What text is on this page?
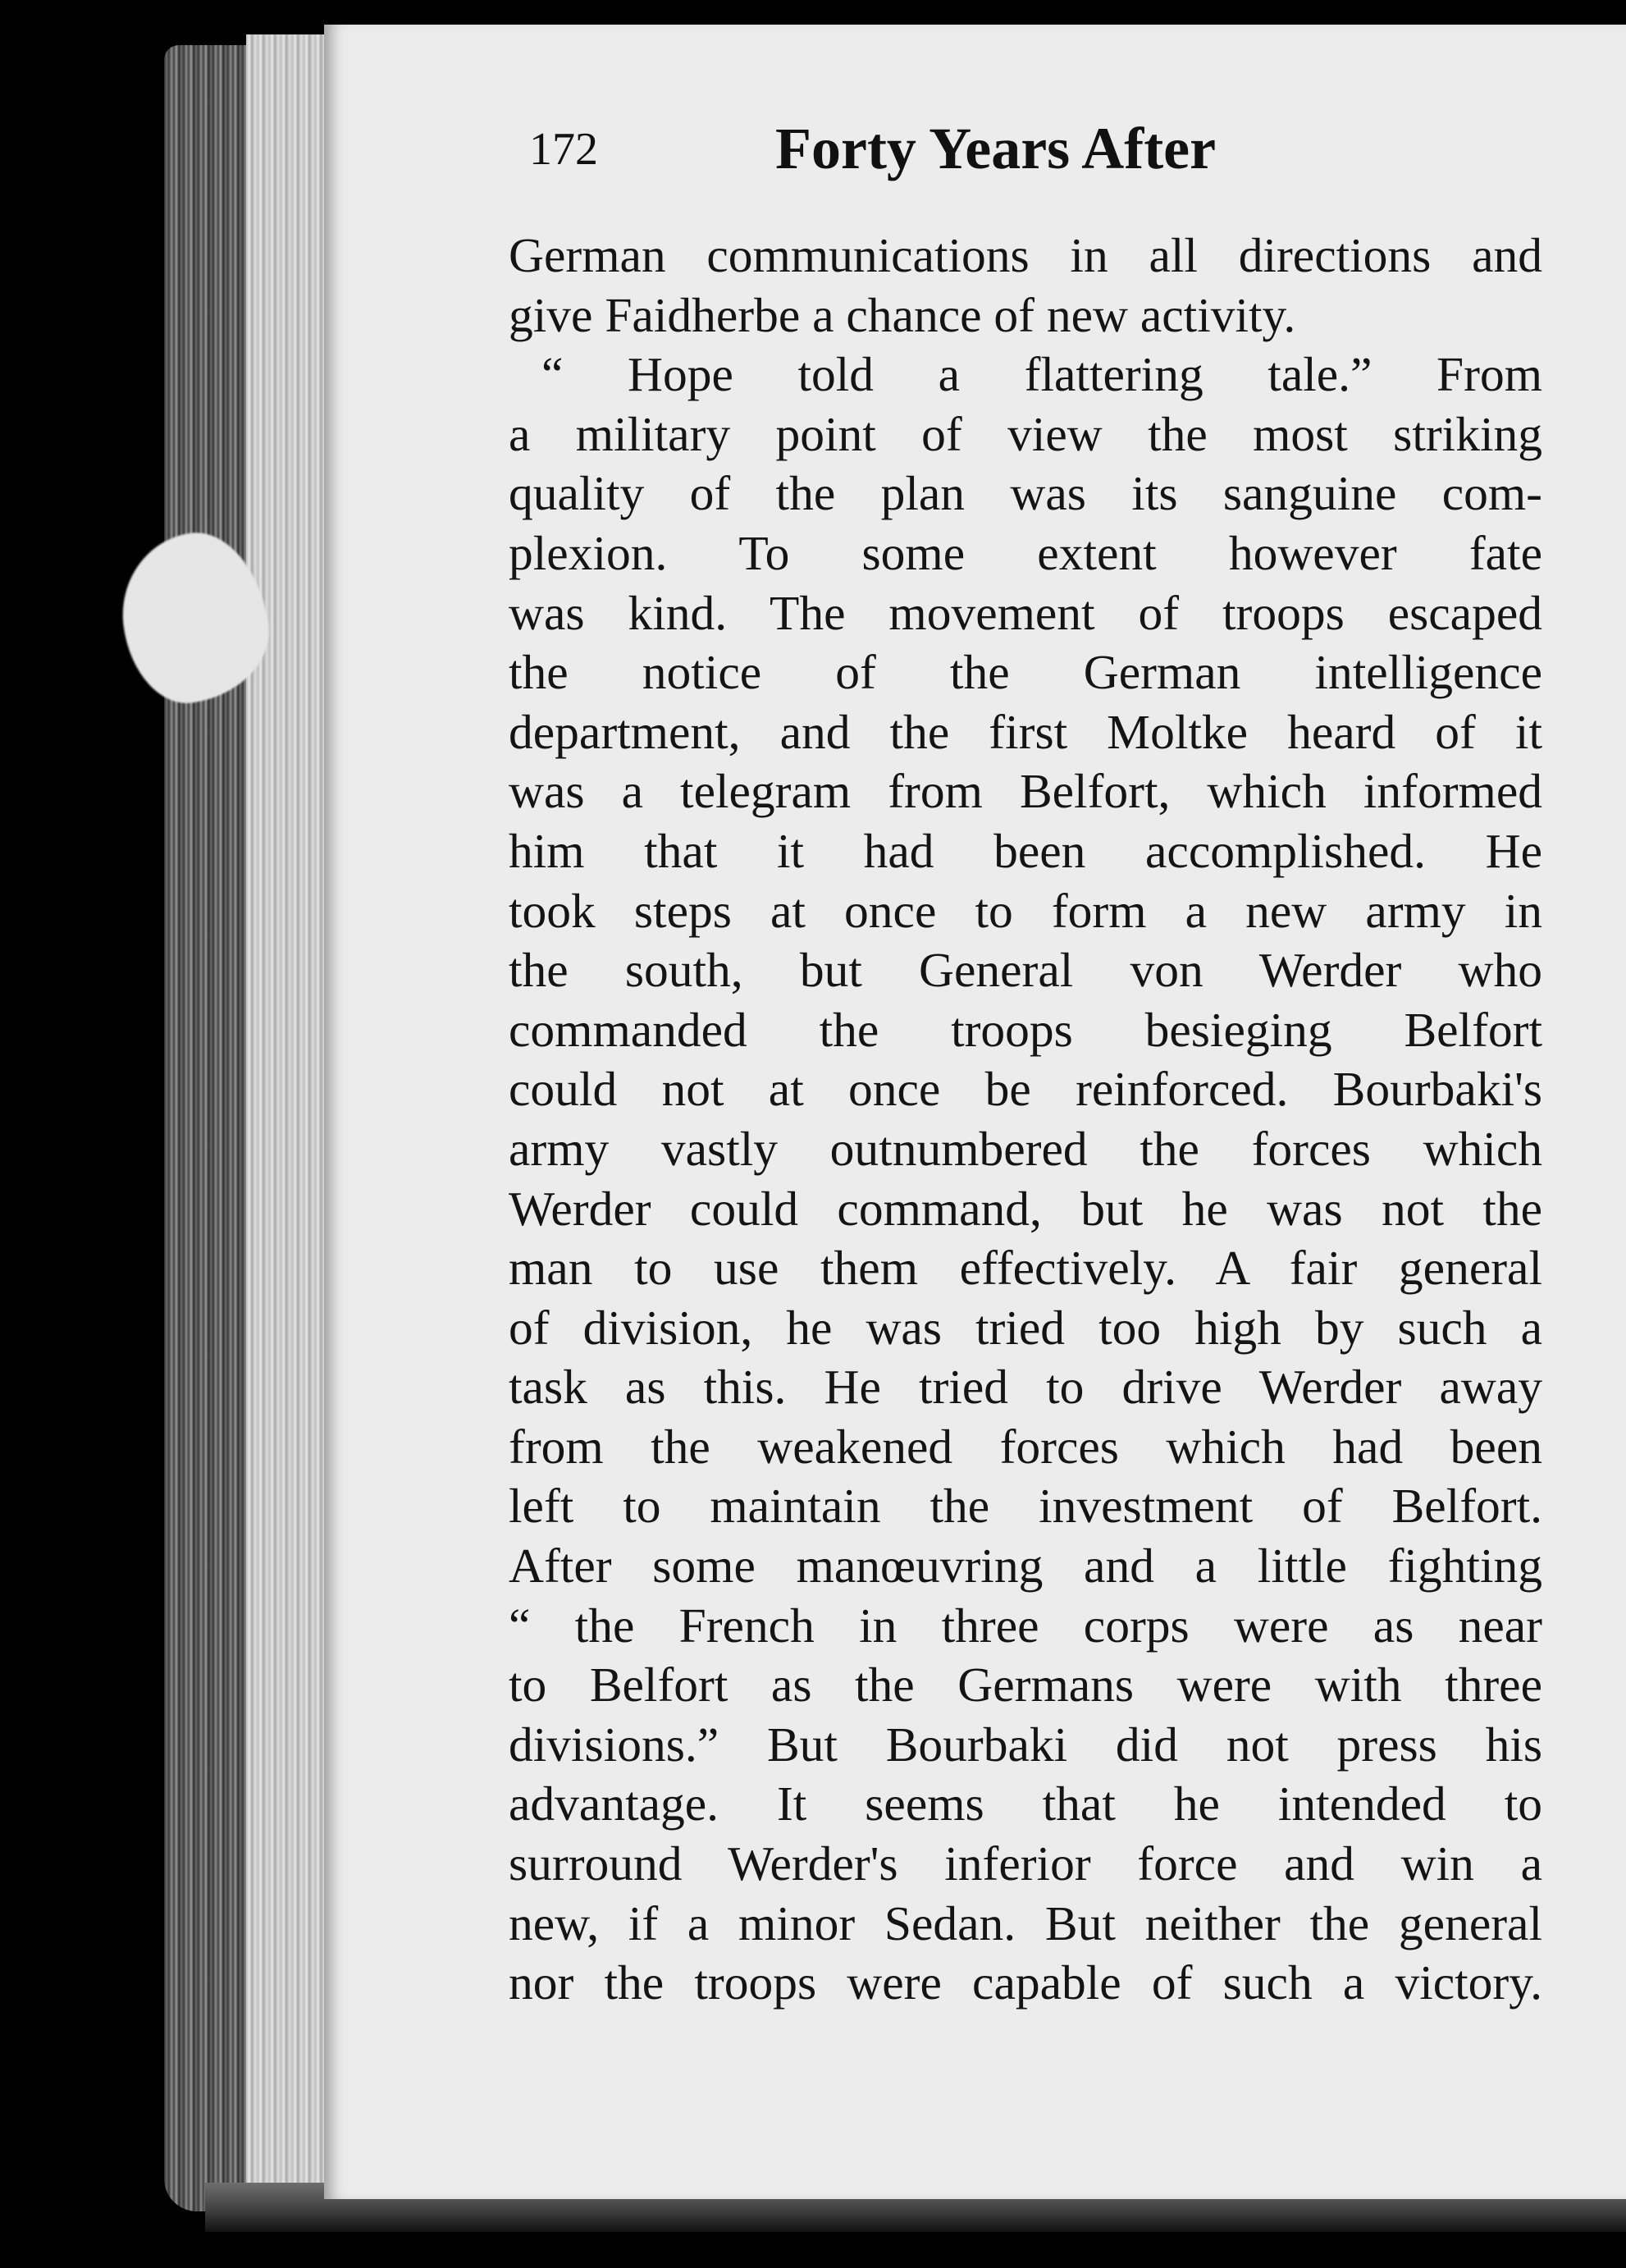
172	Forty Years After
German communications in all directions and
give Faidherbe a chance of new activity.
“ Hope told a flattering tale.” From
a military point of view the most striking
quality of the plan was its sanguine com-
plexion. To some extent however fate
was kind. The movement of troops escaped
the notice of the German intelligence
department, and the first Moltke heard of it
was a telegram from Belfort, which informed
him that it had been accomplished. He
took steps at once to form a new army in
the south, but General von Werder who
commanded the troops besieging Belfort
could not at once be reinforced. Bourbaki's
army vastly outnumbered the forces which
Werder could command, but he was not the
man to use them effectively. A fair general
of division, he was tried too high by such a
task as this. He tried to drive Werder away
from the weakened forces which had been
left to maintain the investment of Belfort.
After some manœuvring and a little fighting
“ the French in three corps were as near
to Belfort as the Germans were with three
divisions.” But Bourbaki did not press his
advantage. It seems that he intended to
surround Werder's inferior force and win a
new, if a minor Sedan. But neither the general
nor the troops were capable of such a victory.
